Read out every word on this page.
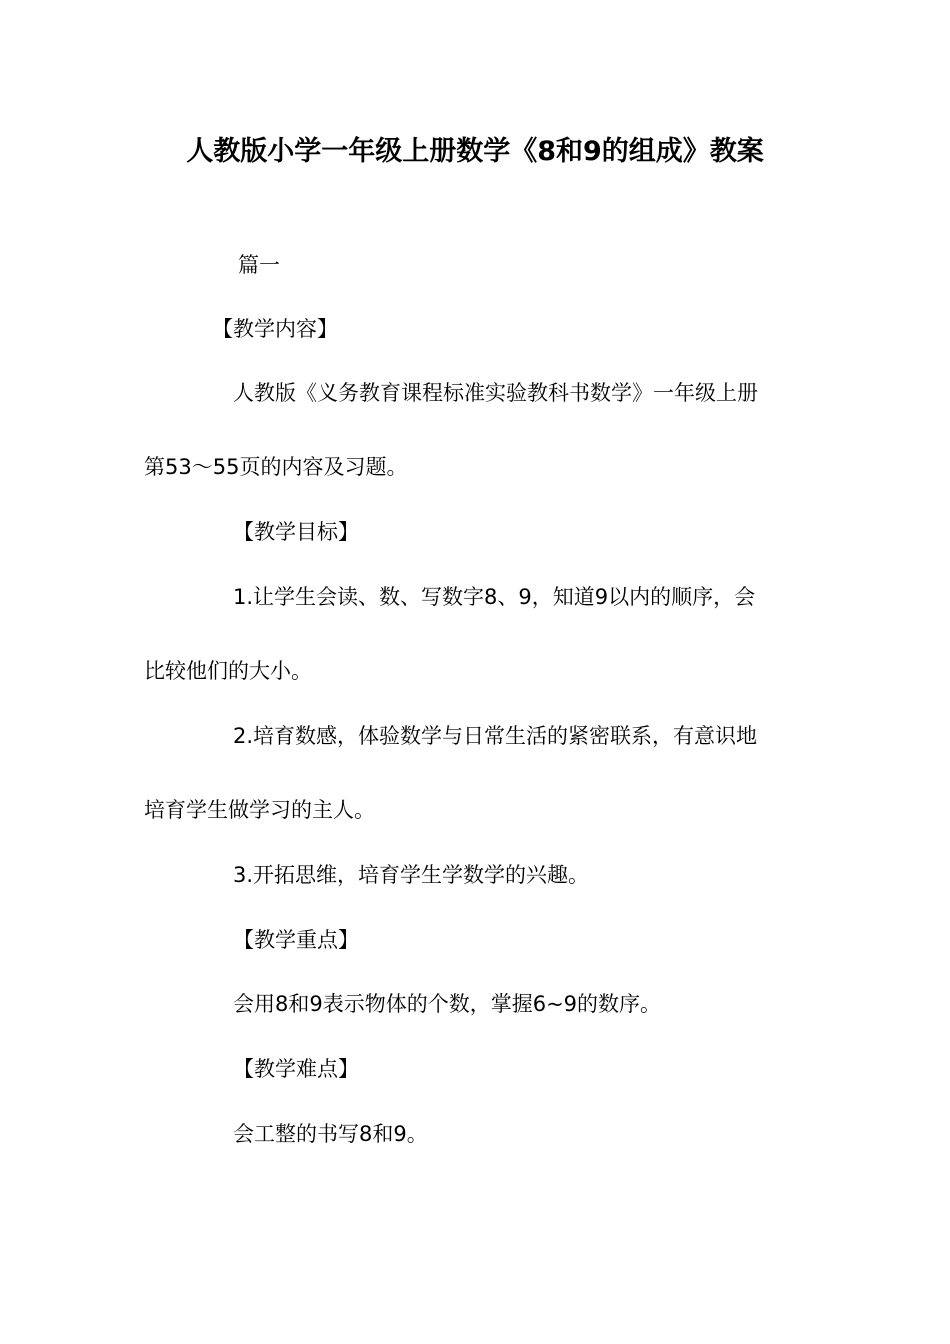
人教版小学一年级上册数学《8和9的组成》教案
篇一
【教学内容】
人教版《义务教育课程标准实验教科书数学》一年级上册
第53～55页的内容及习题。
【教学目标】
1.让学生会读、数、写数字8、9，知道9以内的顺序，会
比较他们的大小。
2.培育数感，体验数学与日常生活的紧密联系，有意识地
培育学生做学习的主人。
3.开拓思维，培育学生学数学的兴趣。
【教学重点】
会用8和9表示物体的个数，掌握6~9的数序。
【教学难点】
会工整的书写8和9。
